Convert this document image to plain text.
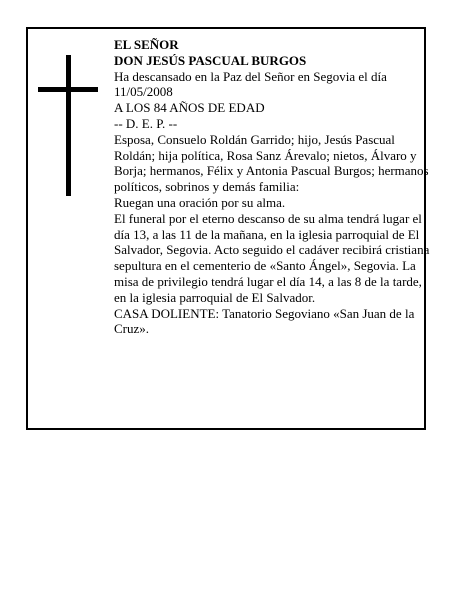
EL SEÑOR

DON JESÚS PASCUAL BURGOS

Ha descansado en la Paz del Señor en Segovia el día 11/05/2008

A LOS 84 AÑOS DE EDAD

-- D. E. P. --

Esposa, Consuelo Roldán Garrido; hijo, Jesús Pascual Roldán; hija política, Rosa Sanz Árevalo; nietos, Álvaro y Borja; hermanos, Félix y Antonia Pascual Burgos; hermanos políticos, sobrinos y demás familia:

Ruegan una oración por su alma.

El funeral por el eterno descanso de su alma tendrá lugar el día 13, a las 11 de la mañana, en la iglesia parroquial de El Salvador, Segovia. Acto seguido el cadáver recibirá cristiana sepultura en el cementerio de «Santo Ángel», Segovia. La misa de privilegio tendrá lugar el día 14, a las 8 de la tarde, en la iglesia parroquial de El Salvador.

CASA DOLIENTE: Tanatorio Segoviano «San Juan de la Cruz».
